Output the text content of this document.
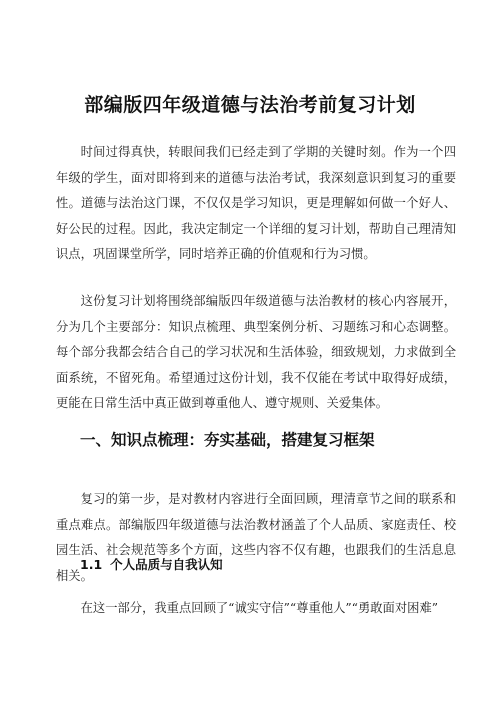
部编版四年级道德与法治考前复习计划

时间过得真快，转眼间我们已经走到了学期的关键时刻。作为一个四年级的学生，面对即将到来的道德与法治考试，我深刻意识到复习的重要性。道德与法治这门课，不仅仅是学习知识，更是理解如何做一个好人、好公民的过程。因此，我决定制定一个详细的复习计划，帮助自己理清知识点，巩固课堂所学，同时培养正确的价值观和行为习惯。

这份复习计划将围绕部编版四年级道德与法治教材的核心内容展开，分为几个主要部分：知识点梳理、典型案例分析、习题练习和心态调整。每个部分我都会结合自己的学习状况和生活体验，细致规划，力求做到全面系统，不留死角。希望通过这份计划，我不仅能在考试中取得好成绩，更能在日常生活中真正做到尊重他人、遵守规则、关爱集体。

一、知识点梳理：夯实基础，搭建复习框架

复习的第一步，是对教材内容进行全面回顾，理清章节之间的联系和重点难点。部编版四年级道德与法治教材涵盖了个人品质、家庭责任、校园生活、社会规范等多个方面，这些内容不仅有趣，也跟我们的生活息息相关。

1.1 个人品质与自我认知

在这一部分，我重点回顾了“诚实守信”“尊重他人”“勇敢面对困难”
